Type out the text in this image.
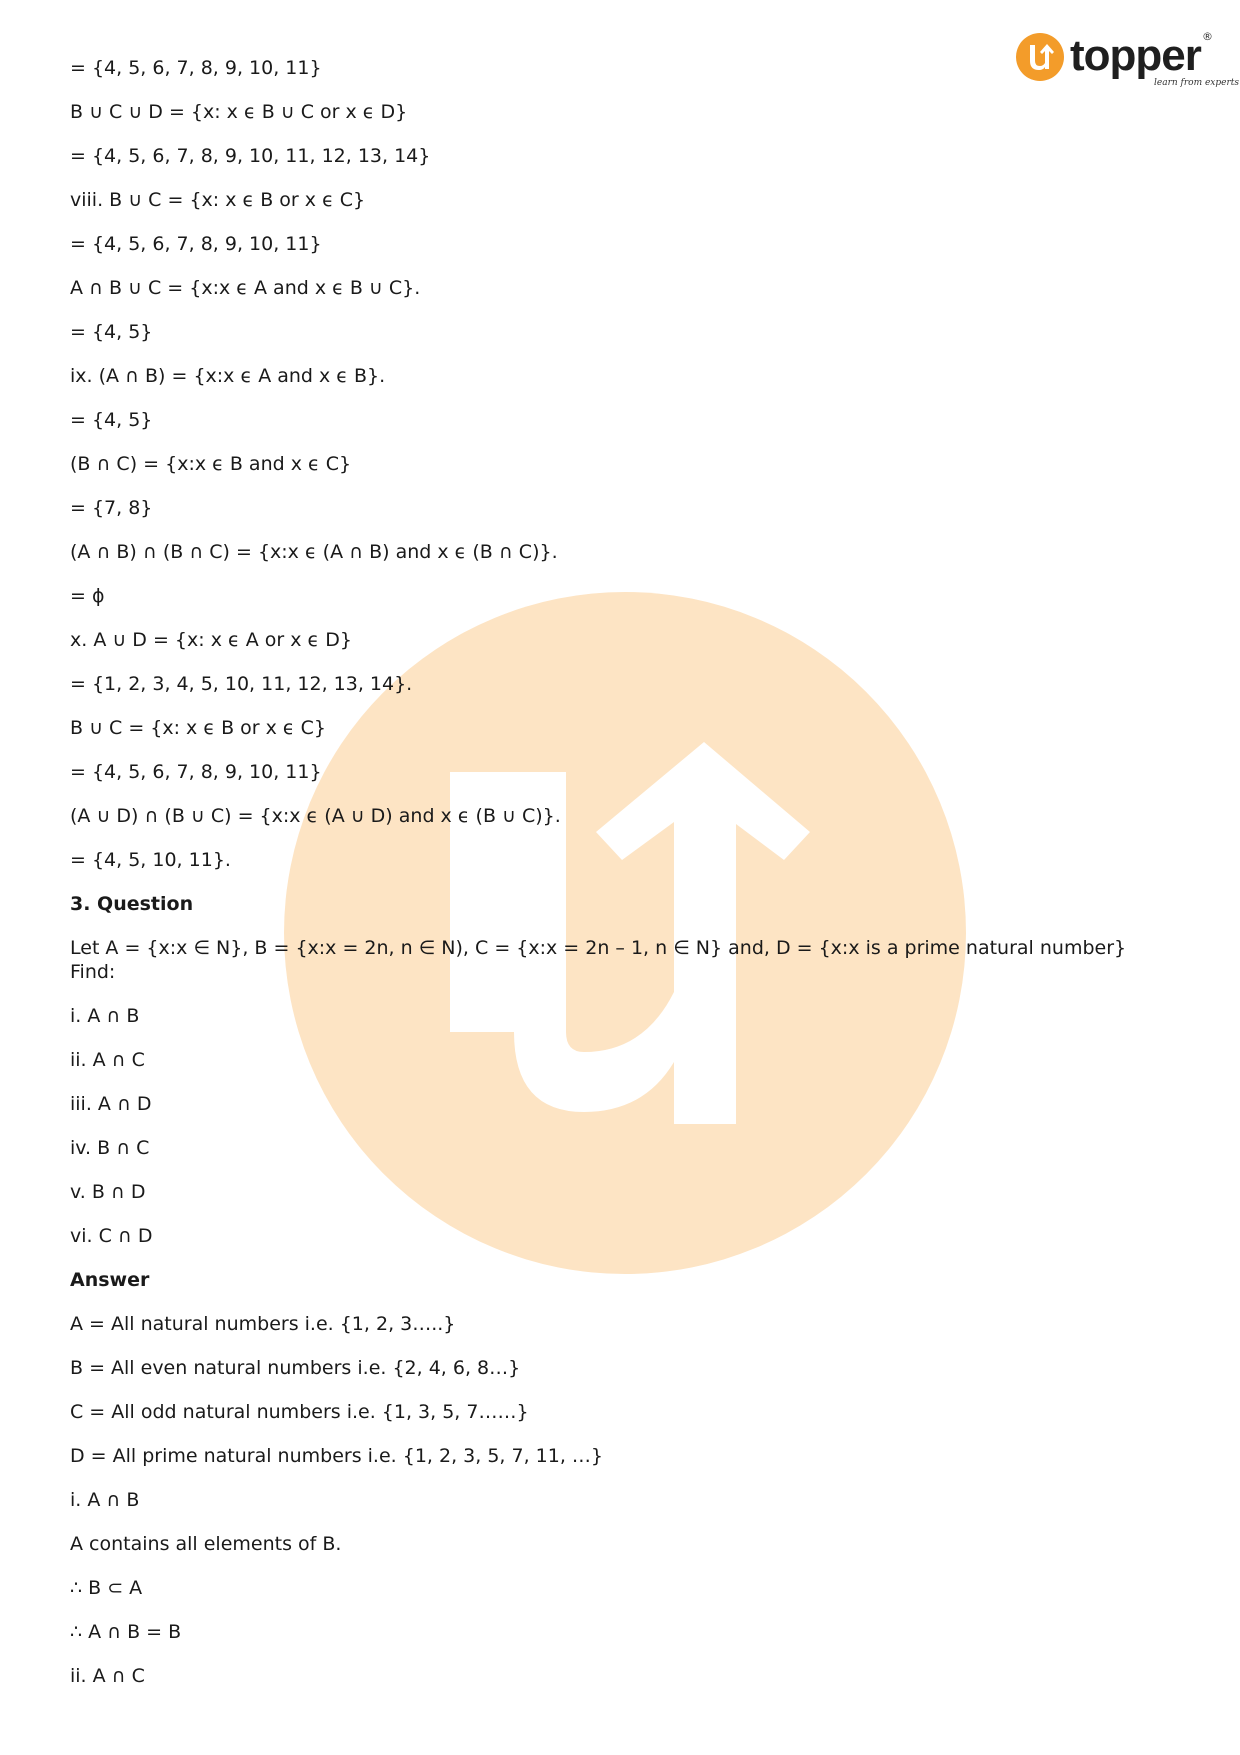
topper ®
learn from experts
= {4, 5, 6, 7, 8, 9, 10, 11}
B ∪ C ∪ D = {x: x ϵ B ∪ C or x ϵ D}
= {4, 5, 6, 7, 8, 9, 10, 11, 12, 13, 14}
viii. B ∪ C = {x: x ϵ B or x ϵ C}
= {4, 5, 6, 7, 8, 9, 10, 11}
A ∩ B ∪ C = {x:x ϵ A and x ϵ B ∪ C}.
= {4, 5}
ix. (A ∩ B) = {x:x ϵ A and x ϵ B}.
= {4, 5}
(B ∩ C) = {x:x ϵ B and x ϵ C}
= {7, 8}
(A ∩ B) ∩ (B ∩ C) = {x:x ϵ (A ∩ B) and x ϵ (B ∩ C)}.
= ϕ
x. A ∪ D = {x: x ϵ A or x ϵ D}
= {1, 2, 3, 4, 5, 10, 11, 12, 13, 14}.
B ∪ C = {x: x ϵ B or x ϵ C}
= {4, 5, 6, 7, 8, 9, 10, 11}
(A ∪ D) ∩ (B ∪ C) = {x:x ϵ (A ∪ D) and x ϵ (B ∪ C)}.
= {4, 5, 10, 11}.
3. Question
Let A = {x:x ∈ N}, B = {x:x = 2n, n ∈ N), C = {x:x = 2n – 1, n ∈ N} and, D = {x:x is a prime natural number} Find:
i. A ∩ B
ii. A ∩ C
iii. A ∩ D
iv. B ∩ C
v. B ∩ D
vi. C ∩ D
Answer
A = All natural numbers i.e. {1, 2, 3…..}
B = All even natural numbers i.e. {2, 4, 6, 8…}
C = All odd natural numbers i.e. {1, 3, 5, 7……}
D = All prime natural numbers i.e. {1, 2, 3, 5, 7, 11, …}
i. A ∩ B
A contains all elements of B.
∴ B ⊂ A
∴ A ∩ B = B
ii. A ∩ C
